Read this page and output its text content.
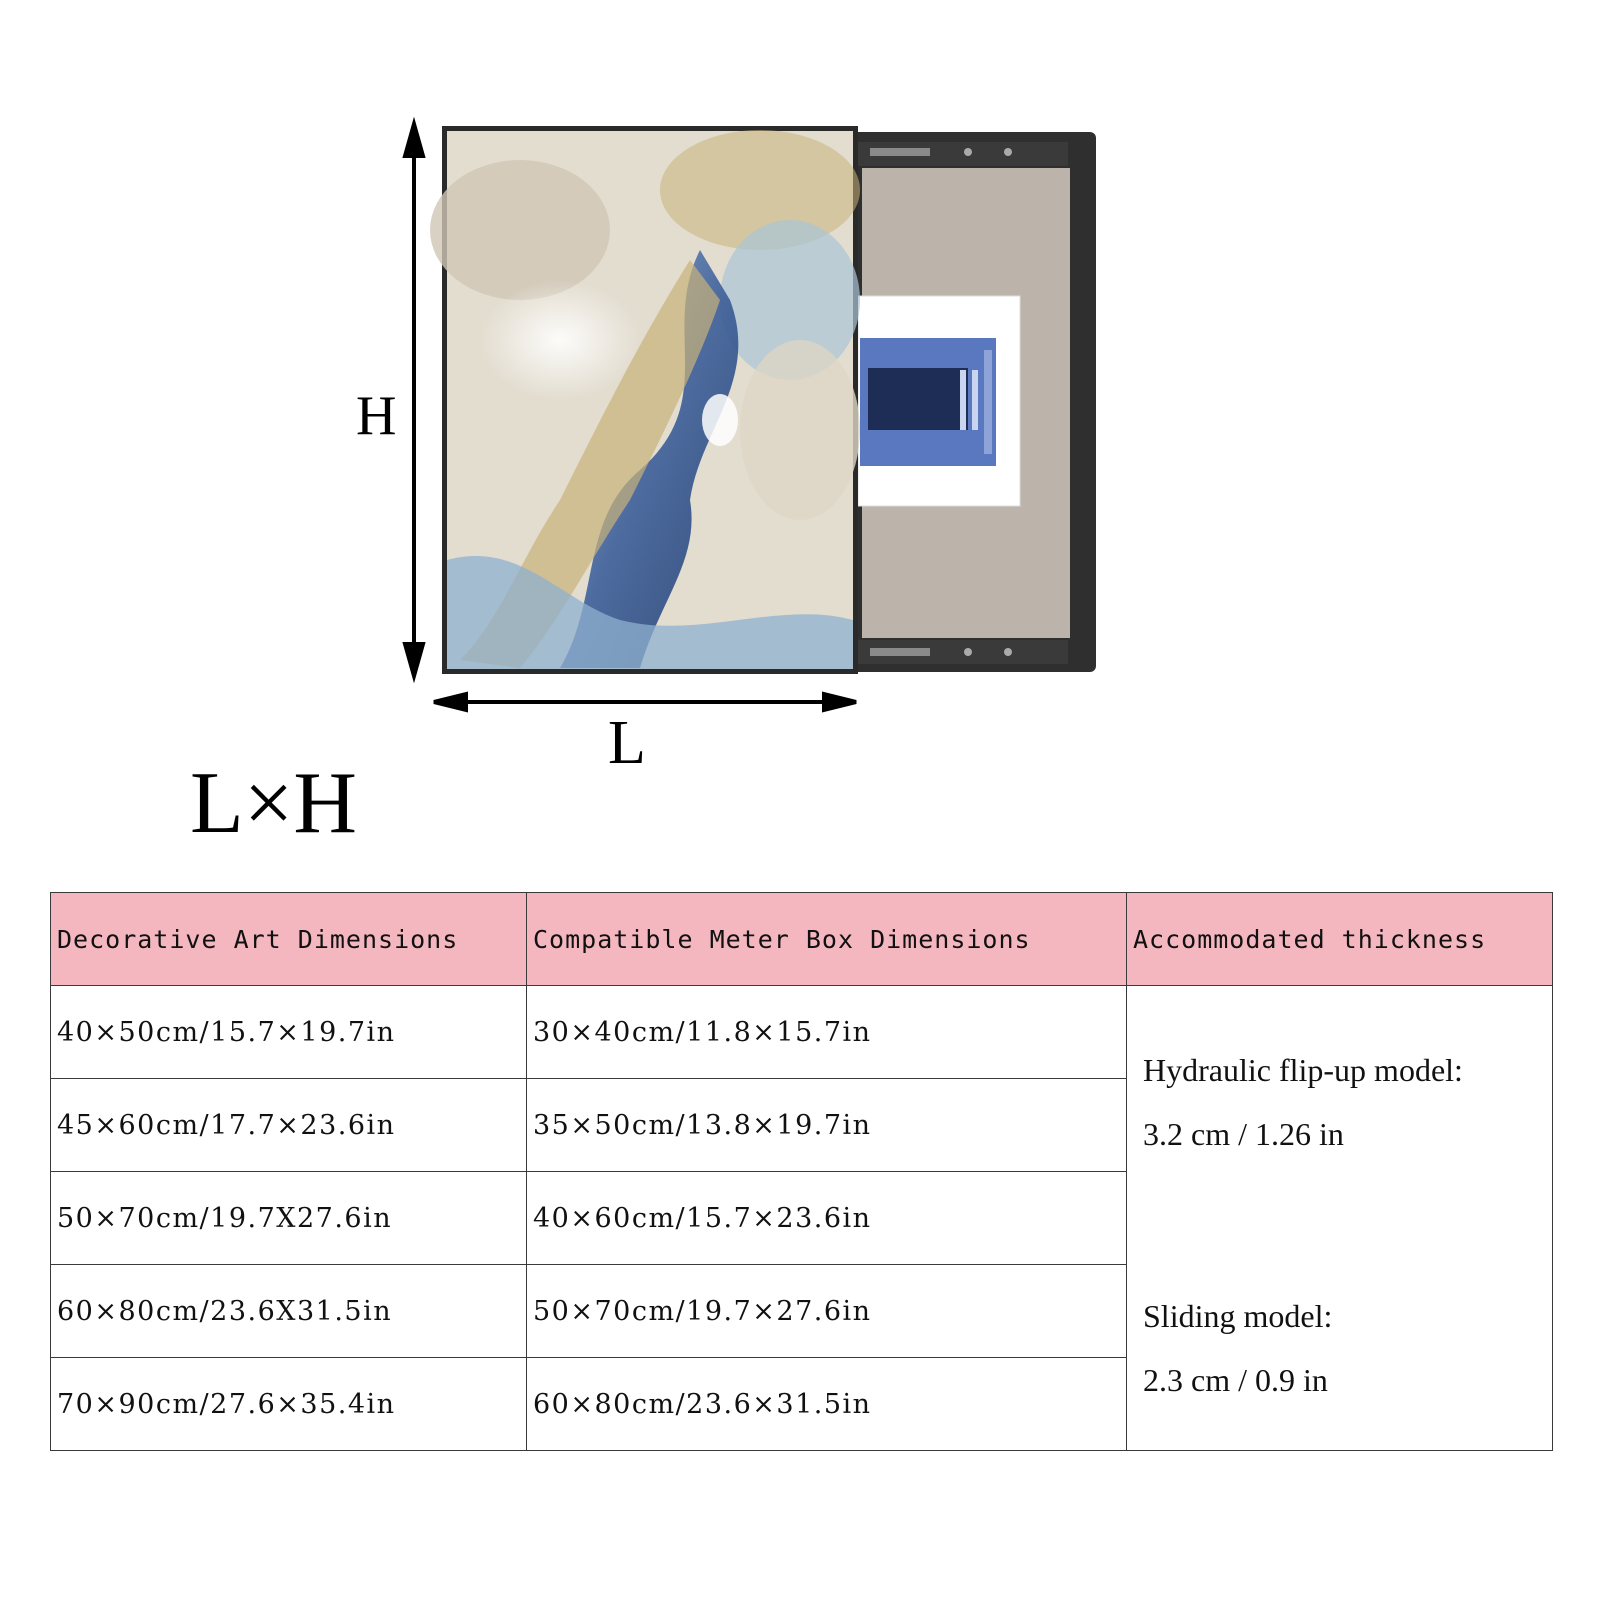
H
L
L×H
Decorative Art Dimensions	Compatible Meter Box Dimensions	Accommodated thickness
40×50cm/15.7×19.7in	30×40cm/11.8×15.7in	Hydraulic flip-up model:
3.2 cm / 1.26 in
Sliding model:
2.3 cm / 0.9 in

45×60cm/17.7×23.6in	35×50cm/13.8×19.7in	
50×70cm/19.7X27.6in	40×60cm/15.7×23.6in	
60×80cm/23.6X31.5in	50×70cm/19.7×27.6in	
70×90cm/27.6×35.4in	60×80cm/23.6×31.5in	
